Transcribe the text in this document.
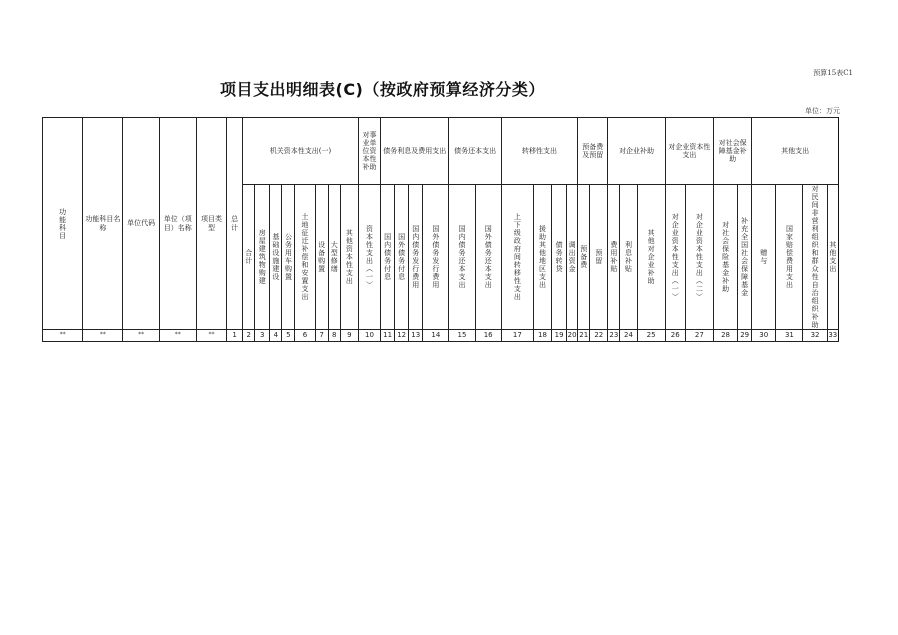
预算15表C1
项目支出明细表(C)（按政府预算经济分类）
单位：万元
功能科目	功能科目名称	单位代码	单位（项目）名称	项目类型	总计	机关资本性支出(一)								对事业单位资本性补助	债务利息及费用支出				债务还本支出		转移性支出				预备费及预留		对企业补助			对企业资本性支出		对社会保障基金补助		其他支出				
						合计	房屋建筑物购建	基础设施建设	公务用车购置	土地征迁补偿和安置支出	设备购置	大型修缮	其他资本性支出	资本性支出（一）	国内债务付息	国外债务付息	国内债务发行费用	国外债务发行费用	国内债务还本支出	国外债务还本支出	上下级政府间转移性支出	援助其他地区支出	债务转贷	调出资金	预备费	预留	费用补贴	利息补贴	其他对企业补助	对企业资本性支出（一）	对企业资本性支出（二）	对社会保险基金补助	补充全国社会保障基金	赠与	国家赔偿费用支出	对民间非营利组织和群众性自治组织补助	其他支出	
**	**	**	**	**	1	2	3	4	5	6	7	8	9	10	11	12	13	14	15	16	17	18	19	20	21	22	23	24	25	26	27	28	29	30	31	32	33	
